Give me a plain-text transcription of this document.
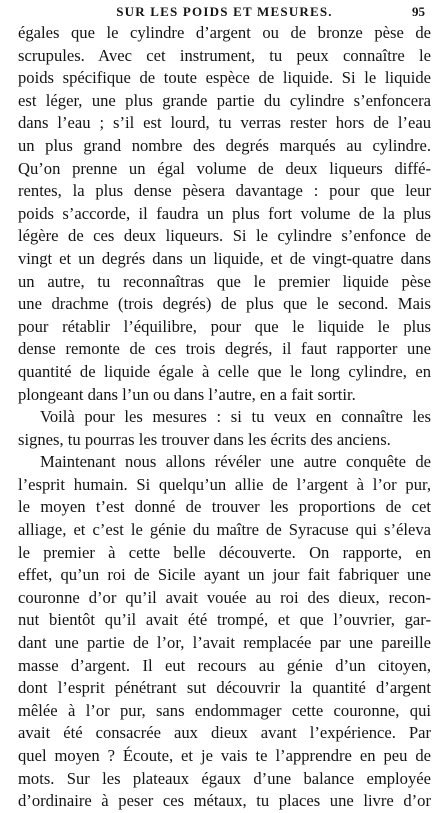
SUR LES POIDS ET MESURES.	95
égales que le cylindre d’argent ou de bronze pèse de
scrupules. Avec cet instrument, tu peux connaître le
poids spécifique de toute espèce de liquide. Si le liquide
est léger, une plus grande partie du cylindre s’enfoncera
dans l’eau ; s’il est lourd, tu verras rester hors de l’eau
un plus grand nombre des degrés marqués au cylindre.
Qu’on prenne un égal volume de deux liqueurs diffé-
rentes, la plus dense pèsera davantage : pour que leur
poids s’accorde, il faudra un plus fort volume de la plus
légère de ces deux liqueurs. Si le cylindre s’enfonce de
vingt et un degrés dans un liquide, et de vingt-quatre dans
un autre, tu reconnaîtras que le premier liquide pèse
une drachme (trois degrés) de plus que le second. Mais
pour rétablir l’équilibre, pour que le liquide le plus
dense remonte de ces trois degrés, il faut rapporter une
quantité de liquide égale à celle que le long cylindre, en
plongeant dans l’un ou dans l’autre, en a fait sortir.
Voilà pour les mesures : si tu veux en connaître les
signes, tu pourras les trouver dans les écrits des anciens.
Maintenant nous allons révéler une autre conquête de
l’esprit humain. Si quelqu’un allie de l’argent à l’or pur,
le moyen t’est donné de trouver les proportions de cet
alliage, et c’est le génie du maître de Syracuse qui s’éleva
le premier à cette belle découverte. On rapporte, en
effet, qu’un roi de Sicile ayant un jour fait fabriquer une
couronne d’or qu’il avait vouée au roi des dieux, recon-
nut bientôt qu’il avait été trompé, et que l’ouvrier, gar-
dant une partie de l’or, l’avait remplacée par une pareille
masse d’argent. Il eut recours au génie d’un citoyen,
dont l’esprit pénétrant sut découvrir la quantité d’argent
mêlée à l’or pur, sans endommager cette couronne, qui
avait été consacrée aux dieux avant l’expérience. Par
quel moyen ? Écoute, et je vais te l’apprendre en peu de
mots. Sur les plateaux égaux d’une balance employée
d’ordinaire à peser ces métaux, tu places une livre d’or
